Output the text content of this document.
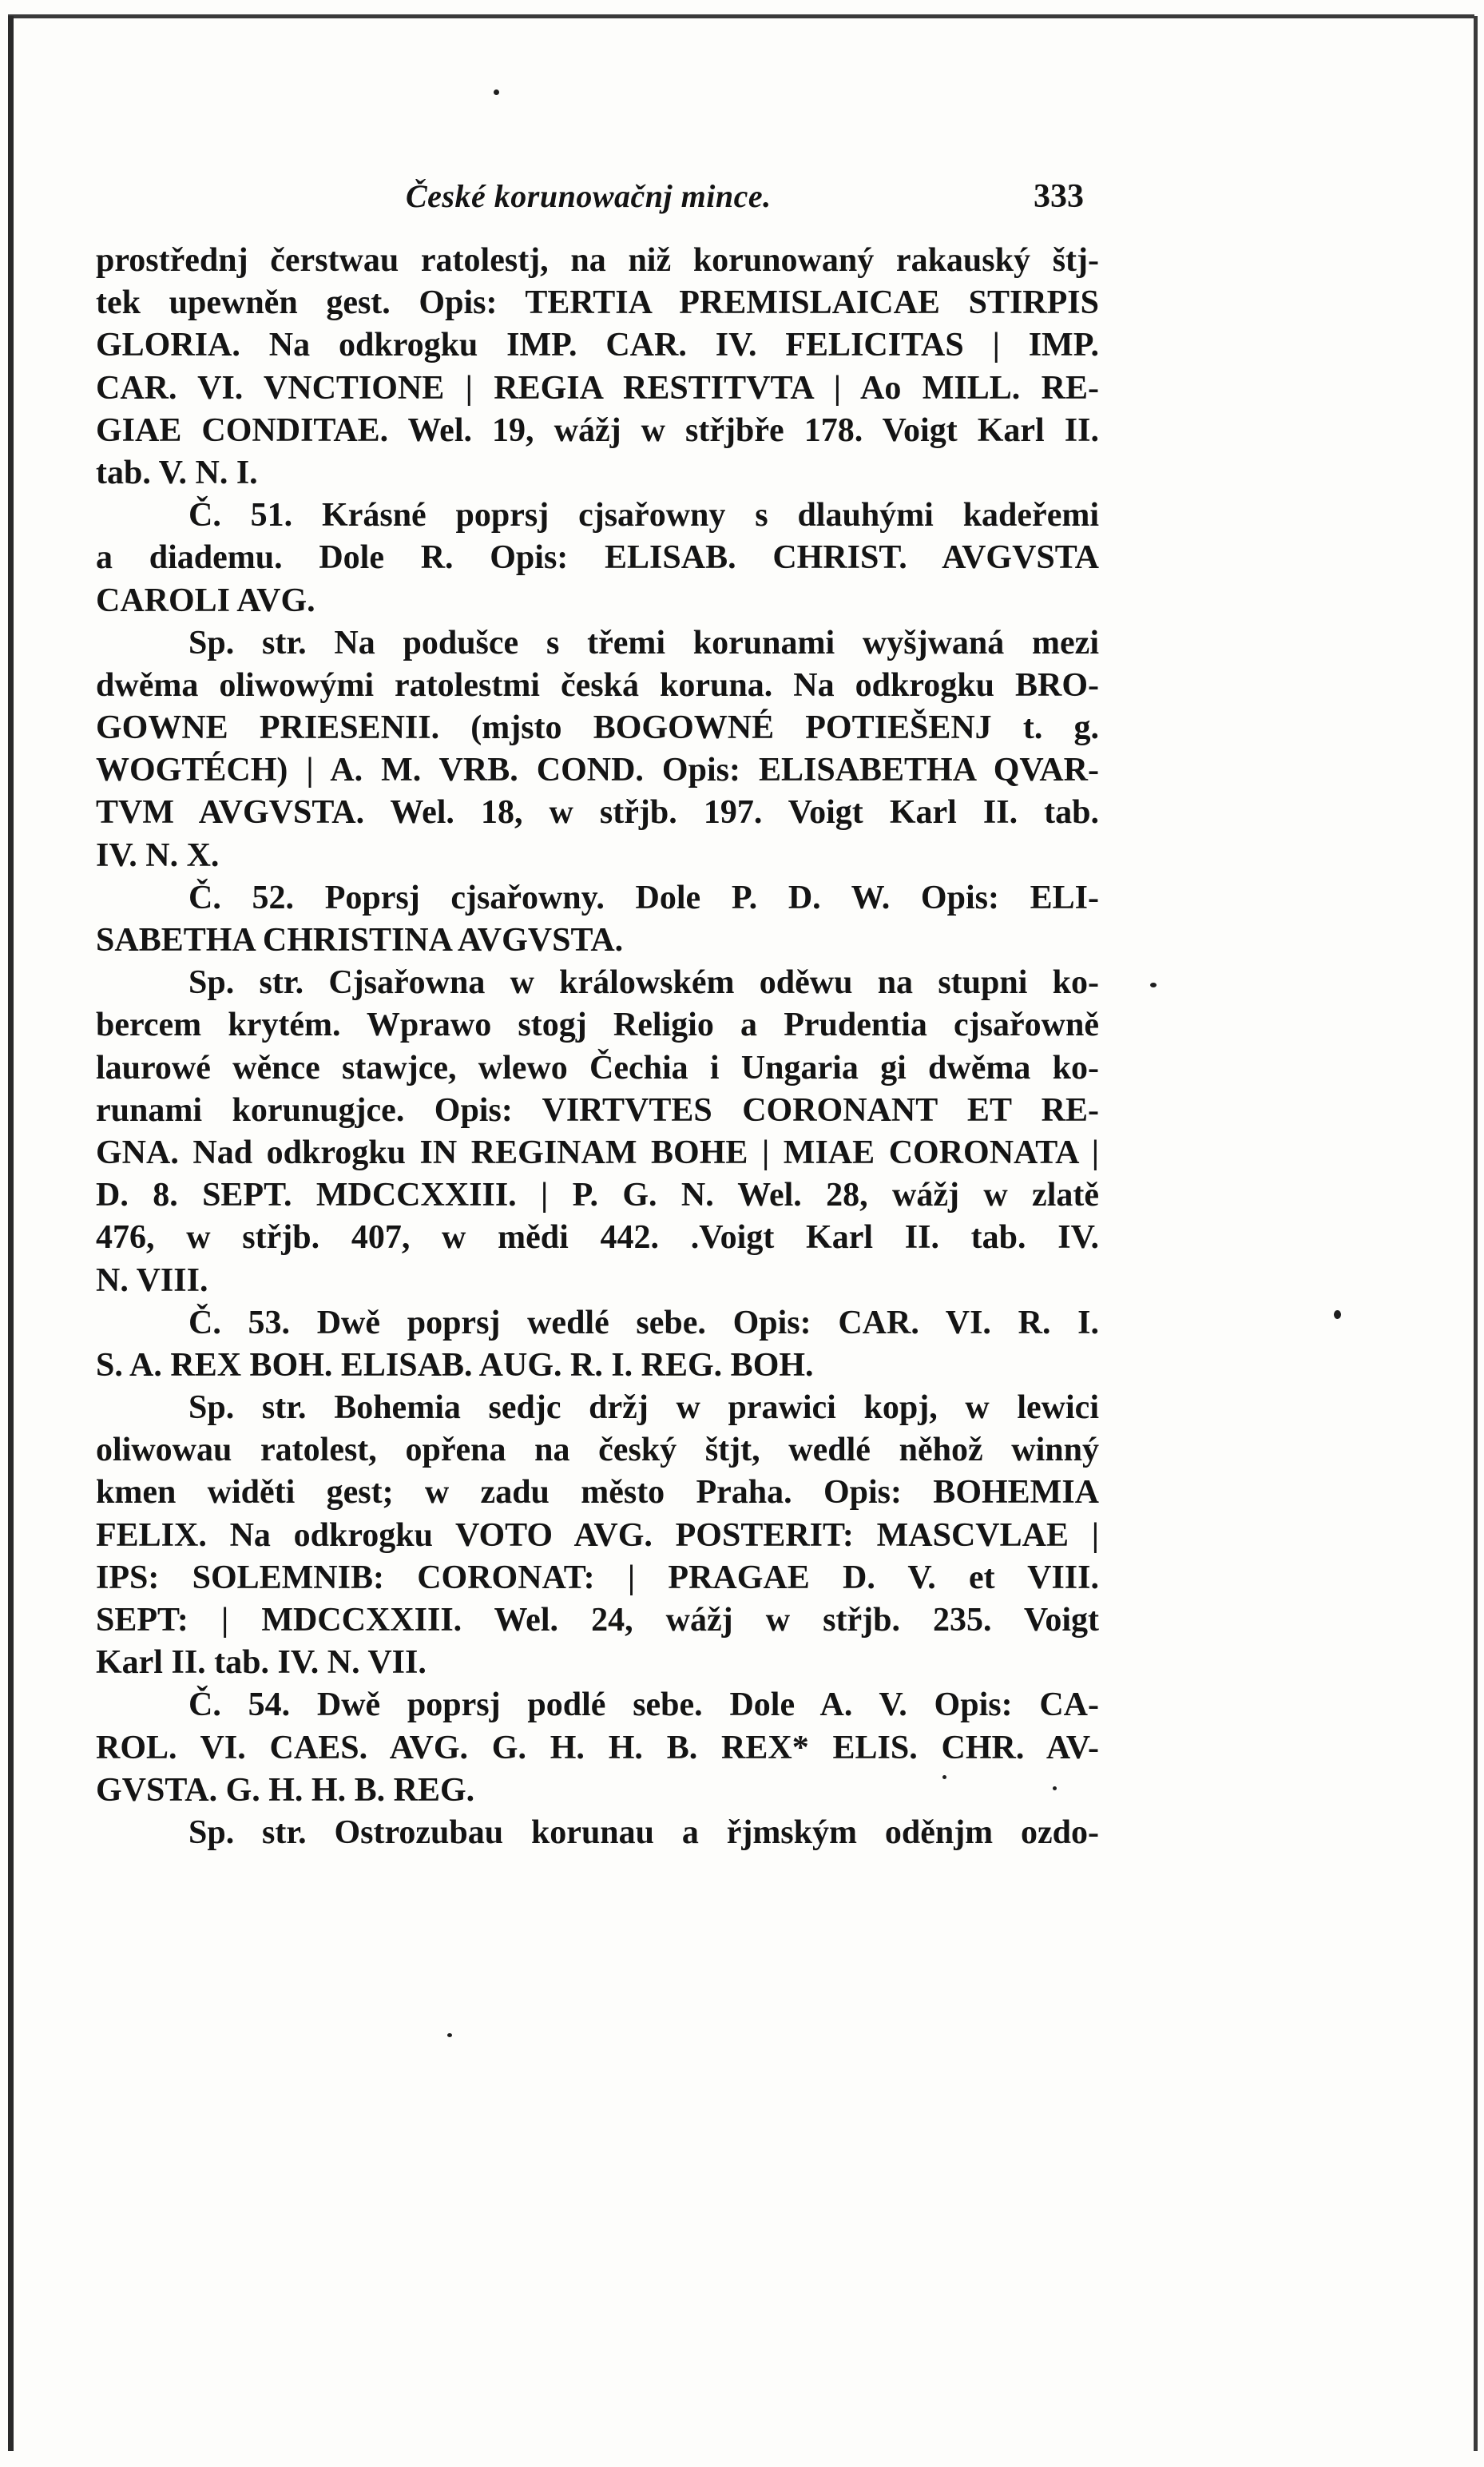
České korunowačnj mince.	333
prostřednj čerstwau ratolestj, na niž korunowaný rakauský štj-
tek upewněn gest. Opis: TERTIA PREMISLAICAE STIRPIS
GLORIA. Na odkrogku IMP. CAR. IV. FELICITAS | IMP.
CAR. VI. VNCTIONE | REGIA RESTITVTA | Ao MILL. RE-
GIAE CONDITAE. Wel. 19, wážj w střjbře 178. Voigt Karl II.
tab. V. N. I.
Č. 51. Krásné poprsj cjsařowny s dlauhými kadeřemi
a diademu. Dole R. Opis: ELISAB. CHRIST. AVGVSTA
CAROLI AVG.
Sp. str. Na podušce s třemi korunami wyšjwaná mezi
dwěma oliwowými ratolestmi česká koruna. Na odkrogku BRO-
GOWNE PRIESENII. (mjsto BOGOWNÉ POTIEŠENJ t. g.
WOGTÉCH) | A. M. VRB. COND. Opis: ELISABETHA QVAR-
TVM AVGVSTA. Wel. 18, w střjb. 197. Voigt Karl II. tab.
IV. N. X.
Č. 52. Poprsj cjsařowny. Dole P. D. W. Opis: ELI-
SABETHA CHRISTINA AVGVSTA.
Sp. str. Cjsařowna w králowském oděwu na stupni ko-
bercem krytém. Wprawo stogj Religio a Prudentia cjsařowně
laurowé wěnce stawjce, wlewo Čechia i Ungaria gi dwěma ko-
runami korunugjce. Opis: VIRTVTES CORONANT ET RE-
GNA. Nad odkrogku IN REGINAM BOHE | MIAE CORONATA |
D. 8. SEPT. MDCCXXIII. | P. G. N. Wel. 28, wážj w zlatě
476, w střjb. 407, w mědi 442. .Voigt Karl II. tab. IV.
N. VIII.
Č. 53. Dwě poprsj wedlé sebe. Opis: CAR. VI. R. I.
S. A. REX BOH. ELISAB. AUG. R. I. REG. BOH.
Sp. str. Bohemia sedjc držj w prawici kopj, w lewici
oliwowau ratolest, opřena na český štjt, wedlé něhož winný
kmen widěti gest; w zadu město Praha. Opis: BOHEMIA
FELIX. Na odkrogku VOTO AVG. POSTERIT: MASCVLAE |
IPS: SOLEMNIB: CORONAT: | PRAGAE D. V. et VIII.
SEPT: | MDCCXXIII. Wel. 24, wážj w střjb. 235. Voigt
Karl II. tab. IV. N. VII.
Č. 54. Dwě poprsj podlé sebe. Dole A. V. Opis: CA-
ROL. VI. CAES. AVG. G. H. H. B. REX* ELIS. CHR. AV-
GVSTA. G. H. H. B. REG.
Sp. str. Ostrozubau korunau a řjmským oděnjm ozdo-
